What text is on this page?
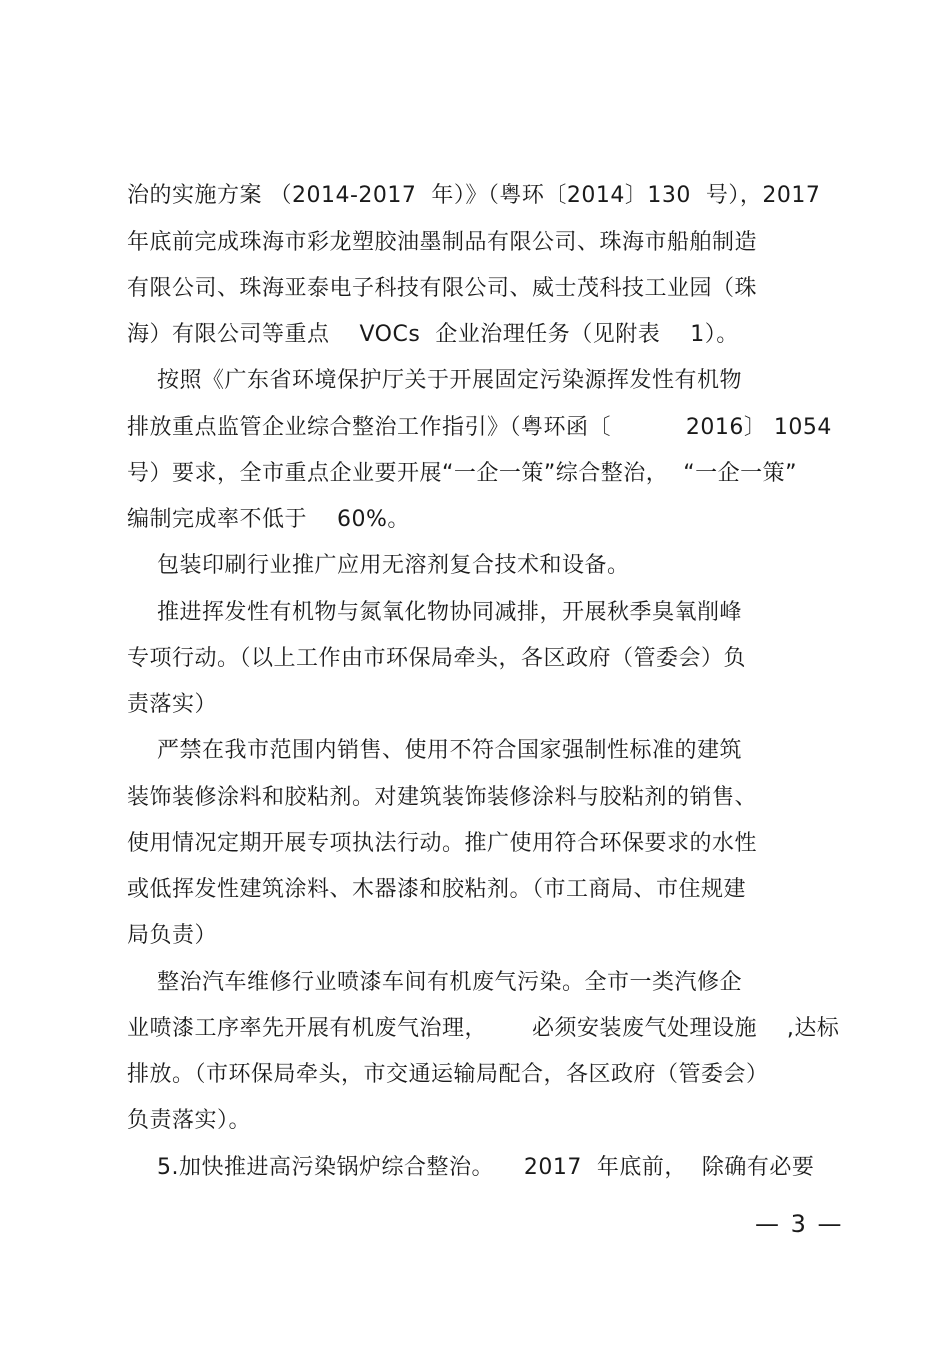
治的实施方案 （2014-2017  年）》（粤环〔2014〕130  号），2017
年底前完成珠海市彩龙塑胶油墨制品有限公司、珠海市船舶制造
有限公司、珠海亚泰电子科技有限公司、威士茂科技工业园（珠
海）有限公司等重点    VOCs  企业治理任务（见附表    1）。
按照《广东省环境保护厅关于开展固定污染源挥发性有机物
排放重点监管企业综合整治工作指引》（粤环函〔          2016〕 1054
号）要求，全市重点企业要开展“一企一策”综合整治，  “一企一策”
编制完成率不低于    60%。
包装印刷行业推广应用无溶剂复合技术和设备。
推进挥发性有机物与氮氧化物协同减排，开展秋季臭氧削峰
专项行动。（以上工作由市环保局牵头，各区政府（管委会）负
责落实）
严禁在我市范围内销售、使用不符合国家强制性标准的建筑
装饰装修涂料和胶粘剂。对建筑装饰装修涂料与胶粘剂的销售、
使用情况定期开展专项执法行动。推广使用符合环保要求的水性
或低挥发性建筑涂料、木器漆和胶粘剂。（市工商局、市住规建
局负责）
整治汽车维修行业喷漆车间有机废气污染。全市一类汽修企
业喷漆工序率先开展有机废气治理，      必须安装废气处理设施    ,达标
排放。（市环保局牵头，市交通运输局配合，各区政府（管委会）
负责落实）。
5.加快推进高污染锅炉综合整治。    2017  年底前，  除确有必要
— 3 —
